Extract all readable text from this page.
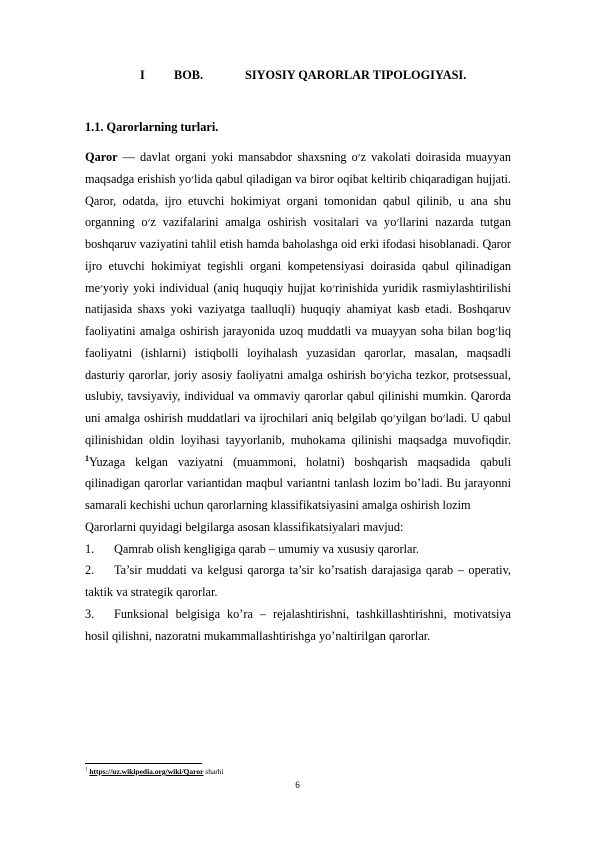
I BOB.	SIYOSIY QARORLAR TIPOLOGIYASI.
1.1. Qarorlarning turlari.

Qaror — davlat organi yoki mansabdor shaxsning o׳z vakolati doirasida muayyan maqsadga erishish yo׳lida qabul qiladigan va biror oqibat keltirib chiqaradigan hujjati. Qaror, odatda, ijro etuvchi hokimiyat organi tomonidan qabul qilinib, u ana shu organning o׳z vazifalarini amalga oshirish vositalari va yo׳llarini nazarda tutgan boshqaruv vaziyatini tahlil etish hamda baholashga oid erki ifodasi hisoblanadi. Qaror ijro etuvchi hokimiyat tegishli organi kompetensiyasi doirasida qabul qilinadigan me׳yoriy yoki individual (aniq huquqiy hujjat ko׳rinishida yuridik rasmiylashtirilishi natijasida shaxs yoki vaziyatga taalluqli) huquqiy ahamiyat kasb etadi. Boshqaruv faoliyatini amalga oshirish jarayonida uzoq muddatli va muayyan soha bilan bog׳liq faoliyatni (ishlarni) istiqbolli loyihalash yuzasidan qarorlar, masalan, maqsadli dasturiy qarorlar, joriy asosiy faoliyatni amalga oshirish bo׳yicha tezkor, protsessual, uslubiy, tavsiyaviy, individual va ommaviy qarorlar qabul qilinishi mumkin. Qarorda uni amalga oshirish muddatlari va ijrochilari aniq belgilab qo׳yilgan bo׳ladi. U qabul qilinishidan oldin loyihasi tayyorlanib, muhokama qilinishi maqsadga muvofiqdir. $^1$Yuzaga kelgan vaziyatni (muammoni, holatni) boshqarish maqsadida qabuli qilinadigan qarorlar variantidan maqbul variantni tanlash lozim bo’ladi. Bu jarayonni samarali kechishi uchun qarorlarning klassifikatsiyasini amalga oshirish lozim

Qarorlarni quyidagi belgilarga asosan klassifikatsiyalari mavjud:

1. Qamrab olish kengligiga qarab – umumiy va xususiy qarorlar.

2. Ta’sir muddati va kelgusi qarorga ta’sir ko’rsatish darajasiga qarab – operativ, taktik va strategik qarorlar.

3. Funksional belgisiga ko’ra – rejalashtirishni, tashkillashtirishni, motivatsiya hosil qilishni, nazoratni mukammallashtirishga yo’naltirilgan qarorlar.

$^1$ https://uz.wikipedia.org/wiki/Qaror sharhi
6
